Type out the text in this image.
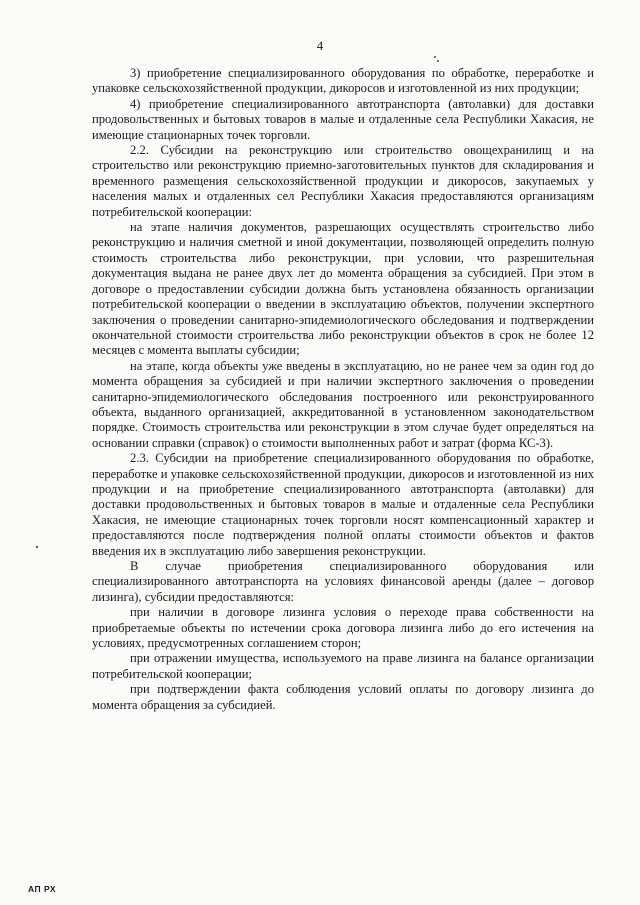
4

3) приобретение специализированного оборудования по обработке, переработке и упаковке сельскохозяйственной продукции, дикоросов и изготовленной из них продукции;

4) приобретение специализированного автотранспорта (автолавки) для доставки продовольственных и бытовых товаров в малые и отдаленные села Республики Хакасия, не имеющие стационарных точек торговли.

2.2. Субсидии на реконструкцию или строительство овощехранилищ и на строительство или реконструкцию приемно-заготовительных пунктов для складирования и временного размещения сельскохозяйственной продукции и дикоросов, закупаемых у населения малых и отдаленных сел Республики Хакасия предоставляются организациям потребительской кооперации:

на этапе наличия документов, разрешающих осуществлять строительство либо реконструкцию и наличия сметной и иной документации, позволяющей определить полную стоимость строительства либо реконструкции, при условии, что разрешительная документация выдана не ранее двух лет до момента обращения за субсидией. При этом в договоре о предоставлении субсидии должна быть установлена обязанность организации потребительской кооперации о введении в эксплуатацию объектов, получении экспертного заключения о проведении санитарно-эпидемиологического обследования и подтверждении окончательной стоимости строительства либо реконструкции объектов в срок не более 12 месяцев с момента выплаты субсидии;

на этапе, когда объекты уже введены в эксплуатацию, но не ранее чем за один год до момента обращения за субсидией и при наличии экспертного заключения о проведении санитарно-эпидемиологического обследования построенного или реконструированного объекта, выданного организацией, аккредитованной в установленном законодательством порядке. Стоимость строительства или реконструкции в этом случае будет определяться на основании справки (справок) о стоимости выполненных работ и затрат (форма КС-3).

2.3. Субсидии на приобретение специализированного оборудования по обработке, переработке и упаковке сельскохозяйственной продукции, дикоросов и изготовленной из них продукции и на приобретение специализированного автотранспорта (автолавки) для доставки продовольственных и бытовых товаров в малые и отдаленные села Республики Хакасия, не имеющие стационарных точек торговли носят компенсационный характер и предоставляются после подтверждения полной оплаты стоимости объектов и фактов введения их в эксплуатацию либо завершения реконструкции.

В случае приобретения специализированного оборудования или специализированного автотранспорта на условиях финансовой аренды (далее – договор лизинга), субсидии предоставляются:

при наличии в договоре лизинга условия о переходе права собственности на приобретаемые объекты по истечении срока договора лизинга либо до его истечения на условиях, предусмотренных соглашением сторон;

при отражении имущества, используемого на праве лизинга на балансе организации потребительской кооперации;

при подтверждении факта соблюдения условий оплаты по договору лизинга до момента обращения за субсидией.

АП РХ
